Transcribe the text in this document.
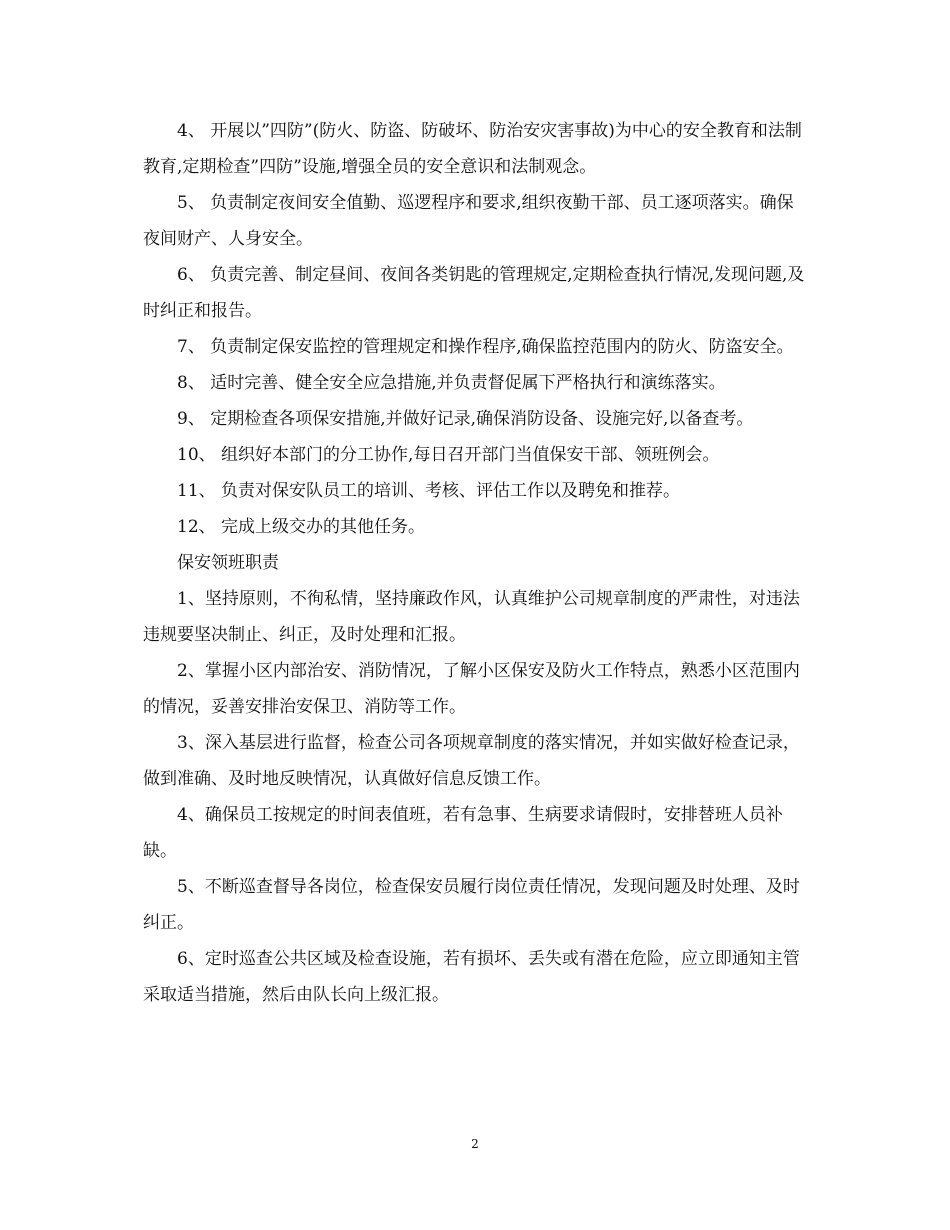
4、 开展以”四防”(防火、防盗、防破坏、防治安灾害事故)为中心的安全教育和法制教育,定期检查”四防”设施,增强全员的安全意识和法制观念。

5、 负责制定夜间安全值勤、巡逻程序和要求,组织夜勤干部、员工逐项落实。确保夜间财产、人身安全。

6、 负责完善、制定昼间、夜间各类钥匙的管理规定,定期检查执行情况,发现问题,及时纠正和报告。

7、 负责制定保安监控的管理规定和操作程序,确保监控范围内的防火、防盗安全。

8、 适时完善、健全安全应急措施,并负责督促属下严格执行和演练落实。

9、 定期检查各项保安措施,并做好记录,确保消防设备、设施完好,以备查考。

10、 组织好本部门的分工协作,每日召开部门当值保安干部、领班例会。

11、 负责对保安队员工的培训、考核、评估工作以及聘免和推荐。

12、 完成上级交办的其他任务。

保安领班职责

1、坚持原则，不徇私情，坚持廉政作风，认真维护公司规章制度的严肃性，对违法违规要坚决制止、纠正，及时处理和汇报。

2、掌握小区内部治安、消防情况，了解小区保安及防火工作特点，熟悉小区范围内的情况，妥善安排治安保卫、消防等工作。

3、深入基层进行监督，检查公司各项规章制度的落实情况，并如实做好检查记录，做到准确、及时地反映情况，认真做好信息反馈工作。

4、确保员工按规定的时间表值班，若有急事、生病要求请假时，安排替班人员补缺。

5、不断巡查督导各岗位，检查保安员履行岗位责任情况，发现问题及时处理、及时纠正。

6、定时巡查公共区域及检查设施，若有损坏、丢失或有潜在危险，应立即通知主管采取适当措施，然后由队长向上级汇报。

2
